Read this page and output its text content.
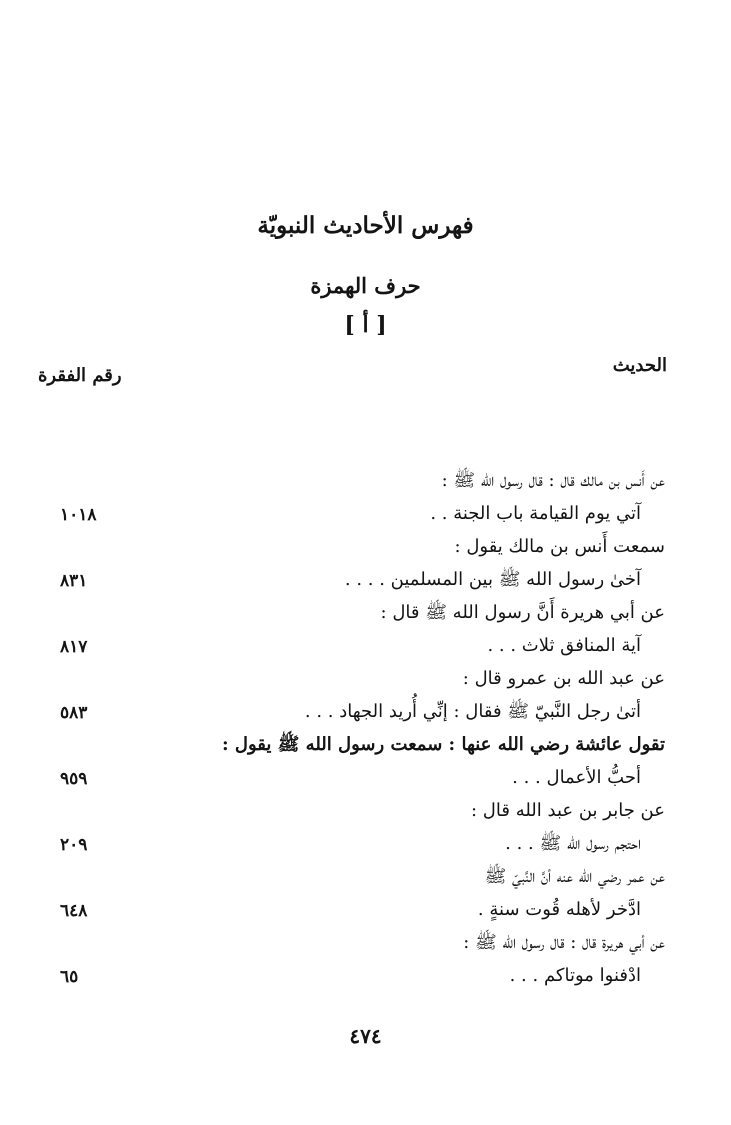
فهرس الأحاديث النبويّة
حرف الهمزة
[ أ ]
الحديث
رقم الفقرة
عن أَنس بن مالك قال : قال رسول الله ﷺ :
آتي يوم القيامة باب الجنة . .
١٠١٨
سمعت أَنس بن مالك يقول :
آخىٰ رسول الله ﷺ بين المسلمين . . . .
٨٣١
عن أبي هريرة أَنَّ رسول الله ﷺ قال :
آية المنافق ثلاث . . .
٨١٧
عن عبد الله بن عمرو قال :
أتىٰ رجل النَّبيّ ﷺ فقال : إنِّي أُريد الجهاد . . .
٥٨٣
تقول عائشة رضي الله عنها : سمعت رسول الله ﷺ يقول :
أحبُّ الأعمال . . .
٩٥٩
عن جابر بن عبد الله قال :
احتجم رسول الله ﷺ . . .
٢٠٩
عن عمر رضي الله عنه أنَّ النَّبيّ ﷺ
ادَّخر لأهله قُوت سنةٍ .
٦٤٨
عن أبي هريرة قال : قال رسول الله ﷺ :
ادْفنوا موتاكم . . .
٦٥
٤٧٤
